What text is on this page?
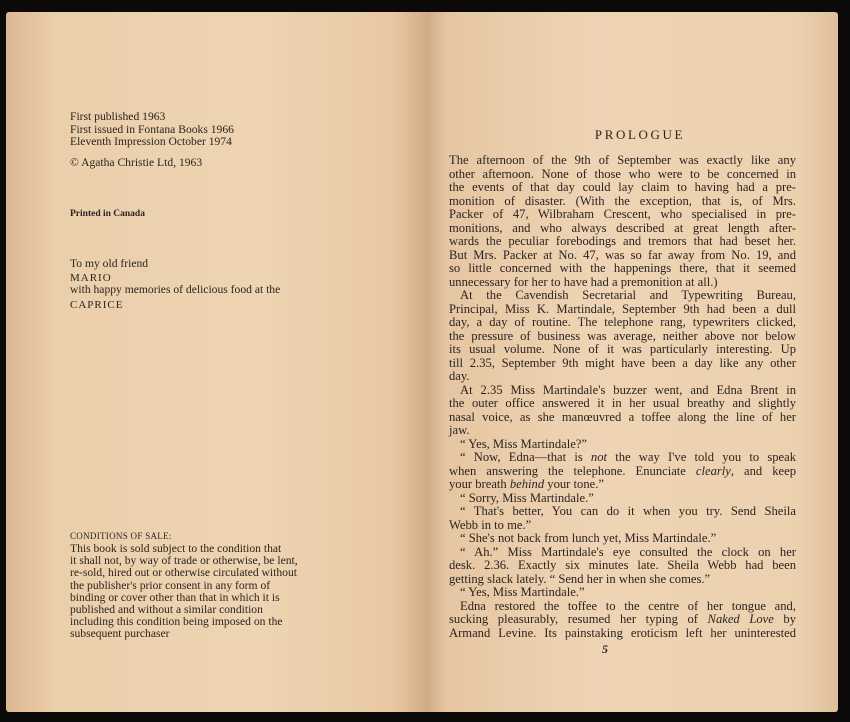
First published 1963
First issued in Fontana Books 1966
Eleventh Impression October 1974
© Agatha Christie Ltd, 1963
Printed in Canada
To my old friend
MARIO
with happy memories of delicious food at the
CAPRICE
CONDITIONS OF SALE:
This book is sold subject to the condition that
it shall not, by way of trade or otherwise, be lent,
re-sold, hired out or otherwise circulated without
the publisher's prior consent in any form of
binding or cover other than that in which it is
published and without a similar condition
including this condition being imposed on the
subsequent purchaser
PROLOGUE
The afternoon of the 9th of September was exactly like any
other afternoon. None of those who were to be concerned in
the events of that day could lay claim to having had a pre-
monition of disaster. (With the exception, that is, of Mrs.
Packer of 47, Wilbraham Crescent, who specialised in pre-
monitions, and who always described at great length after-
wards the peculiar forebodings and tremors that had beset her.
But Mrs. Packer at No. 47, was so far away from No. 19, and
so little concerned with the happenings there, that it seemed
unnecessary for her to have had a premonition at all.)
At the Cavendish Secretarial and Typewriting Bureau,
Principal, Miss K. Martindale, September 9th had been a dull
day, a day of routine. The telephone rang, typewriters clicked,
the pressure of business was average, neither above nor below
its usual volume. None of it was particularly interesting. Up
till 2.35, September 9th might have been a day like any other
day.
At 2.35 Miss Martindale's buzzer went, and Edna Brent in
the outer office answered it in her usual breathy and slightly
nasal voice, as she manœuvred a toffee along the line of her
jaw.
“ Yes, Miss Martindale?”
“ Now, Edna—that is not the way I've told you to speak
when answering the telephone. Enunciate clearly, and keep
your breath behind your tone.”
“ Sorry, Miss Martindale.”
“ That's better, You can do it when you try. Send Sheila
Webb in to me.”
“ She's not back from lunch yet, Miss Martindale.”
“ Ah.” Miss Martindale's eye consulted the clock on her
desk. 2.36. Exactly six minutes late. Sheila Webb had been
getting slack lately. “ Send her in when she comes.”
“ Yes, Miss Martindale.”
Edna restored the toffee to the centre of her tongue and,
sucking pleasurably, resumed her typing of Naked Love by
Armand Levine. Its painstaking eroticism left her uninterested
5
